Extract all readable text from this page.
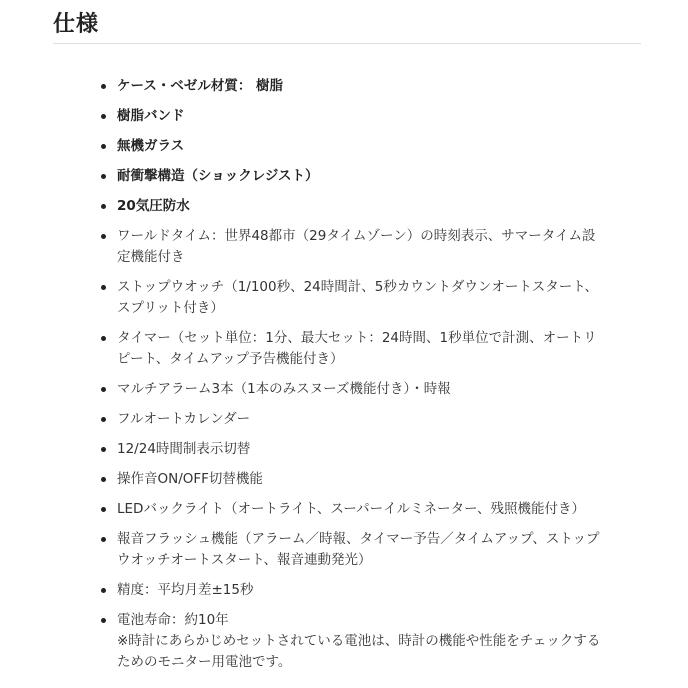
仕様
ケース・ベゼル材質： 樹脂
樹脂バンド
無機ガラス
耐衝撃構造（ショックレジスト）
20気圧防水
ワールドタイム：世界48都市（29タイムゾーン）の時刻表示、サマータイム設
定機能付き
ストップウオッチ（1/100秒、24時間計、5秒カウントダウンオートスタート、
スプリット付き）
タイマー（セット単位：1分、最大セット：24時間、1秒単位で計測、オートリ
ピート、タイムアップ予告機能付き）
マルチアラーム3本（1本のみスヌーズ機能付き）・時報
フルオートカレンダー
12/24時間制表示切替
操作音ON/OFF切替機能
LEDバックライト（オートライト、スーパーイルミネーター、残照機能付き）
報音フラッシュ機能（アラーム／時報、タイマー予告／タイムアップ、ストップ
ウオッチオートスタート、報音連動発光）
精度：平均月差±15秒
電池寿命：約10年
※時計にあらかじめセットされている電池は、時計の機能や性能をチェックする
ためのモニター用電池です。
